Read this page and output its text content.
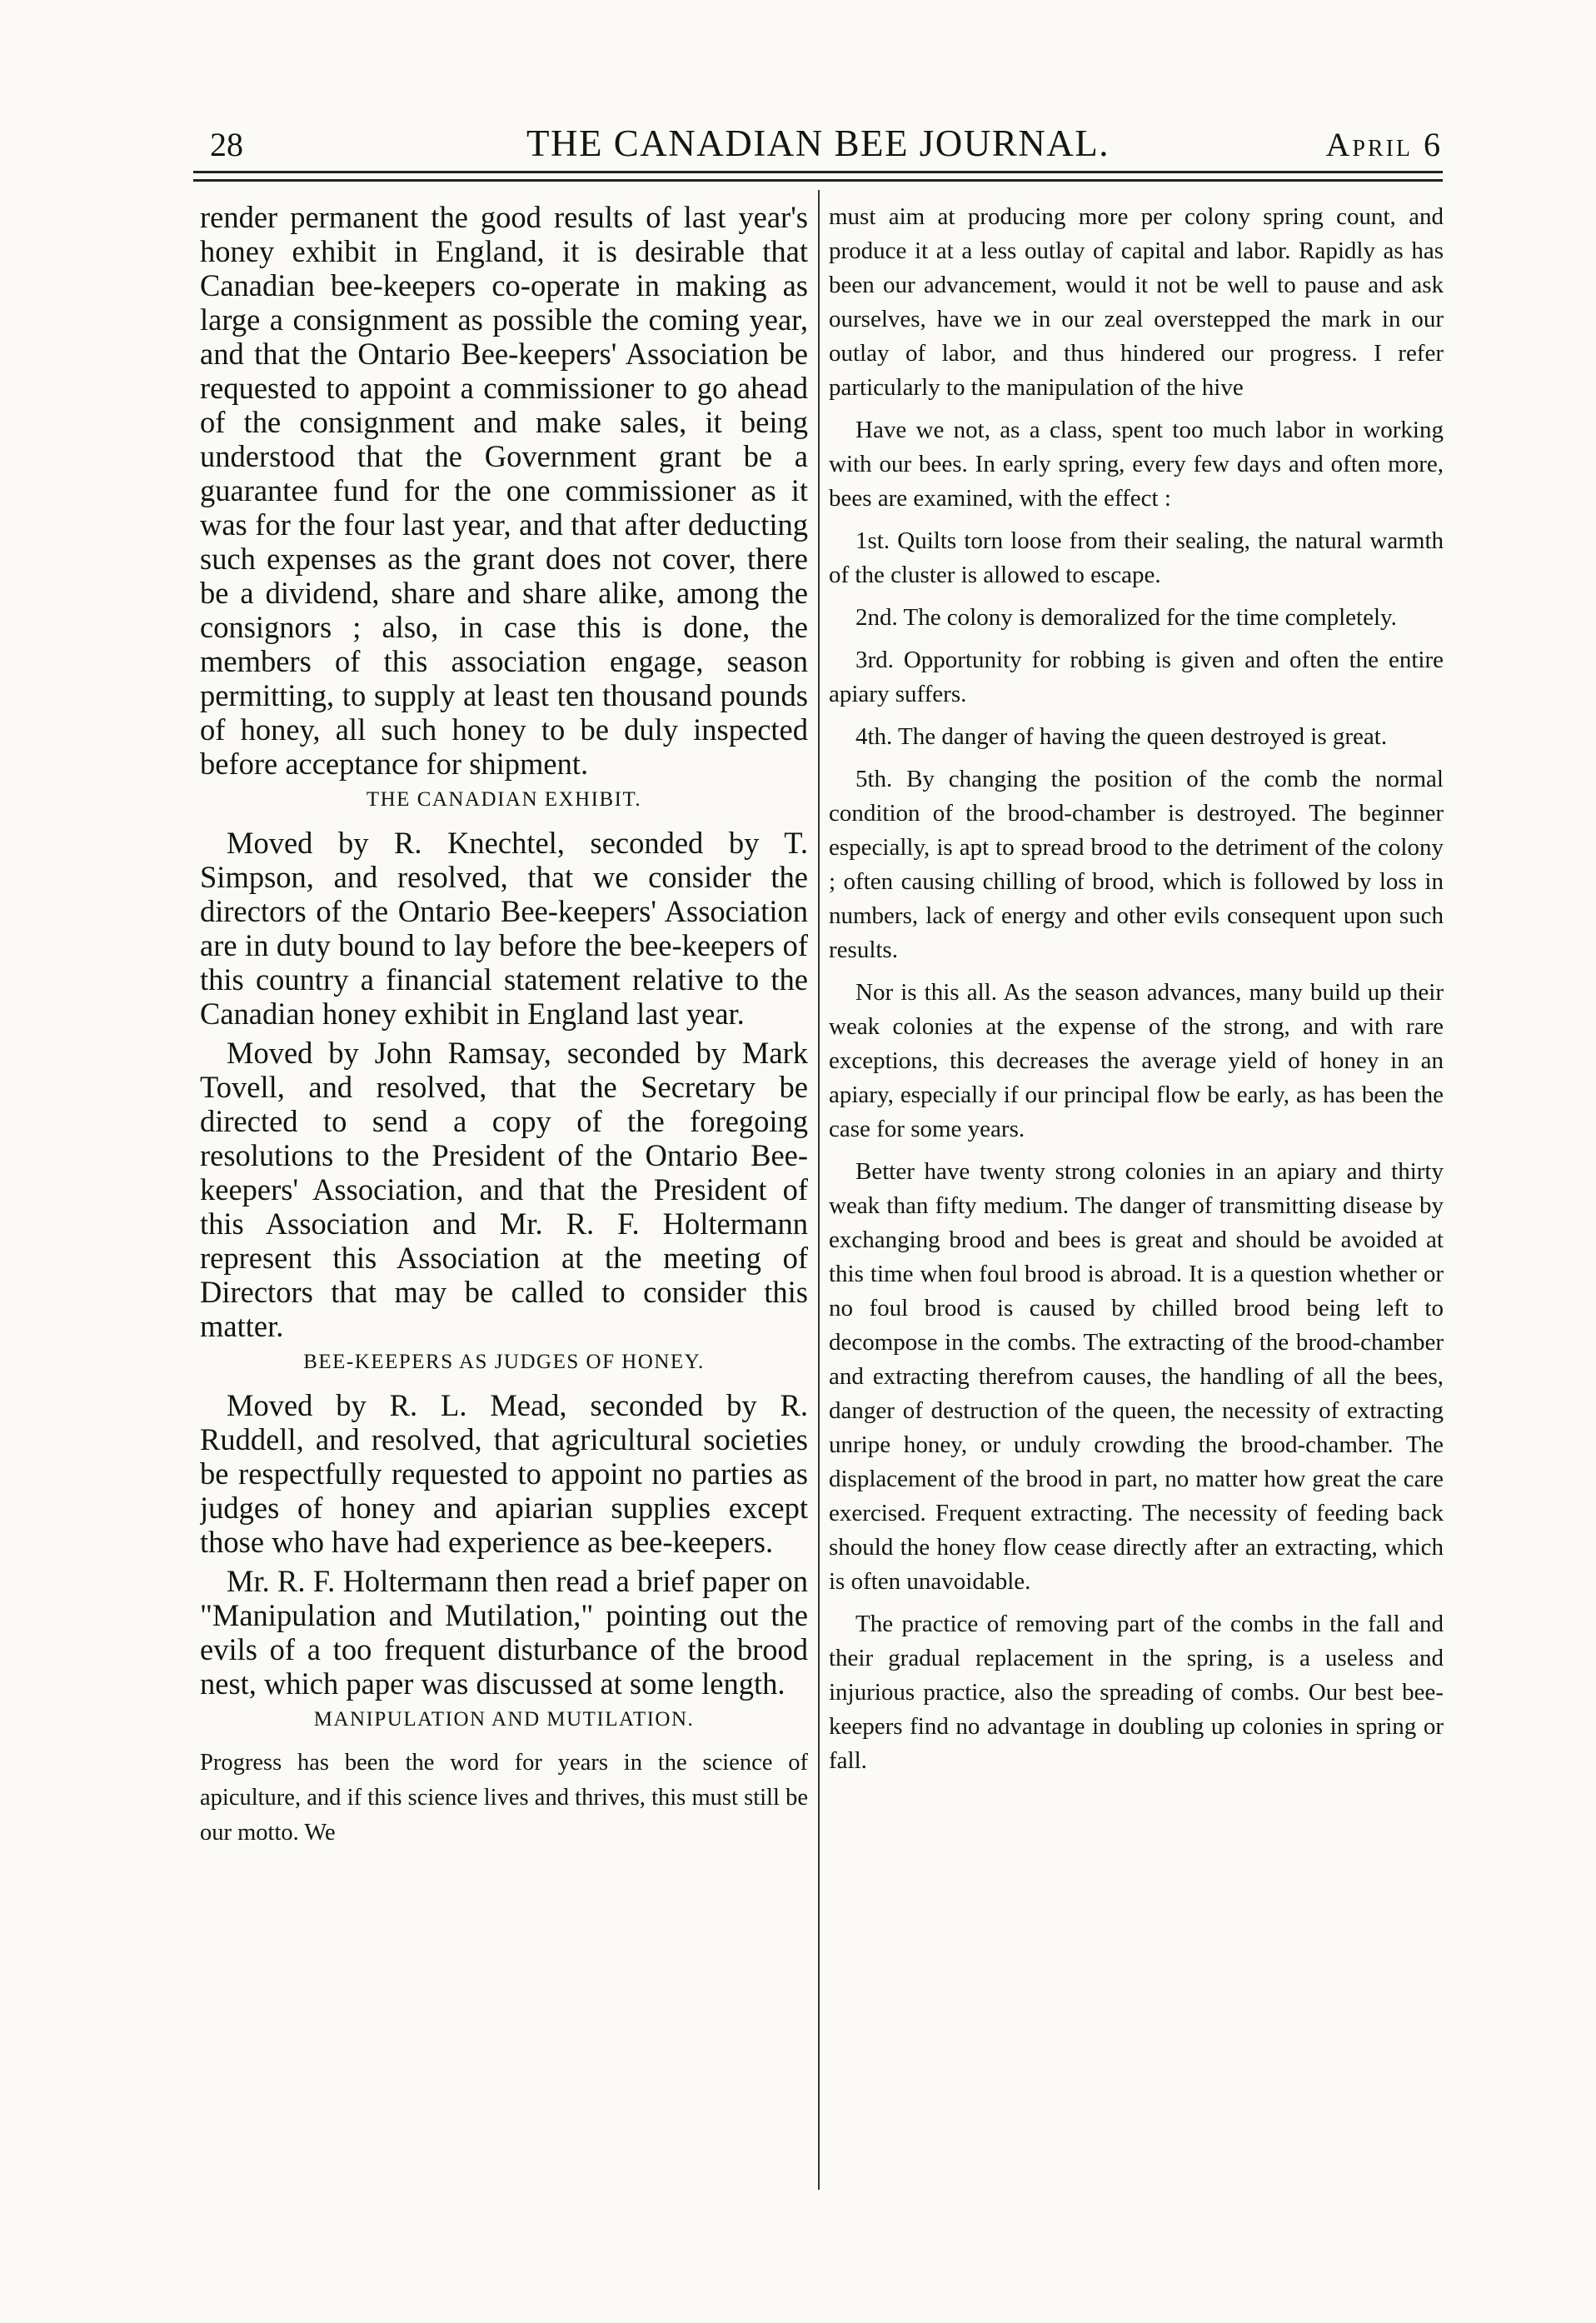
28	THE CANADIAN BEE JOURNAL.	April 6

render permanent the good results of last year's honey exhibit in England, it is desirable that Canadian bee-keepers co-operate in making as large a consignment as possible the coming year, and that the Ontario Bee-keepers' Association be requested to appoint a commissioner to go ahead of the consignment and make sales, it being understood that the Government grant be a guarantee fund for the one commissioner as it was for the four last year, and that after deducting such expenses as the grant does not cover, there be a dividend, share and share alike, among the consignors ; also, in case this is done, the members of this association engage, season permitting, to supply at least ten thousand pounds of honey, all such honey to be duly inspected before acceptance for shipment.

THE CANADIAN EXHIBIT.

Moved by R. Knechtel, seconded by T. Simpson, and resolved, that we consider the directors of the Ontario Bee-keepers' Association are in duty bound to lay before the bee-keepers of this country a financial statement relative to the Canadian honey exhibit in England last year.

Moved by John Ramsay, seconded by Mark Tovell, and resolved, that the Secretary be directed to send a copy of the foregoing resolutions to the President of the Ontario Bee-keepers' Association, and that the President of this Association and Mr. R. F. Holtermann represent this Association at the meeting of Directors that may be called to consider this matter.

BEE-KEEPERS AS JUDGES OF HONEY.

Moved by R. L. Mead, seconded by R. Ruddell, and resolved, that agricultural societies be respectfully requested to appoint no parties as judges of honey and apiarian supplies except those who have had experience as bee-keepers.

Mr. R. F. Holtermann then read a brief paper on "Manipulation and Mutilation," pointing out the evils of a too frequent disturbance of the brood nest, which paper was discussed at some length.

MANIPULATION AND MUTILATION.

Progress has been the word for years in the science of apiculture, and if this science lives and thrives, this must still be our motto. We

must aim at producing more per colony spring count, and produce it at a less outlay of capital and labor. Rapidly as has been our advancement, would it not be well to pause and ask ourselves, have we in our zeal overstepped the mark in our outlay of labor, and thus hindered our progress. I refer particularly to the manipulation of the hive

Have we not, as a class, spent too much labor in working with our bees. In early spring, every few days and often more, bees are examined, with the effect :

1st. Quilts torn loose from their sealing, the natural warmth of the cluster is allowed to escape.

2nd. The colony is demoralized for the time completely.

3rd. Opportunity for robbing is given and often the entire apiary suffers.

4th. The danger of having the queen destroyed is great.

5th. By changing the position of the comb the normal condition of the brood-chamber is destroyed. The beginner especially, is apt to spread brood to the detriment of the colony ; often causing chilling of brood, which is followed by loss in numbers, lack of energy and other evils consequent upon such results.

Nor is this all. As the season advances, many build up their weak colonies at the expense of the strong, and with rare exceptions, this decreases the average yield of honey in an apiary, especially if our principal flow be early, as has been the case for some years.

Better have twenty strong colonies in an apiary and thirty weak than fifty medium. The danger of transmitting disease by exchanging brood and bees is great and should be avoided at this time when foul brood is abroad. It is a question whether or no foul brood is caused by chilled brood being left to decompose in the combs. The extracting of the brood-chamber and extracting therefrom causes, the handling of all the bees, danger of destruction of the queen, the necessity of extracting unripe honey, or unduly crowding the brood-chamber. The displacement of the brood in part, no matter how great the care exercised. Frequent extracting. The necessity of feeding back should the honey flow cease directly after an extracting, which is often unavoidable.

The practice of removing part of the combs in the fall and their gradual replacement in the spring, is a useless and injurious practice, also the spreading of combs. Our best bee-keepers find no advantage in doubling up colonies in spring or fall.
